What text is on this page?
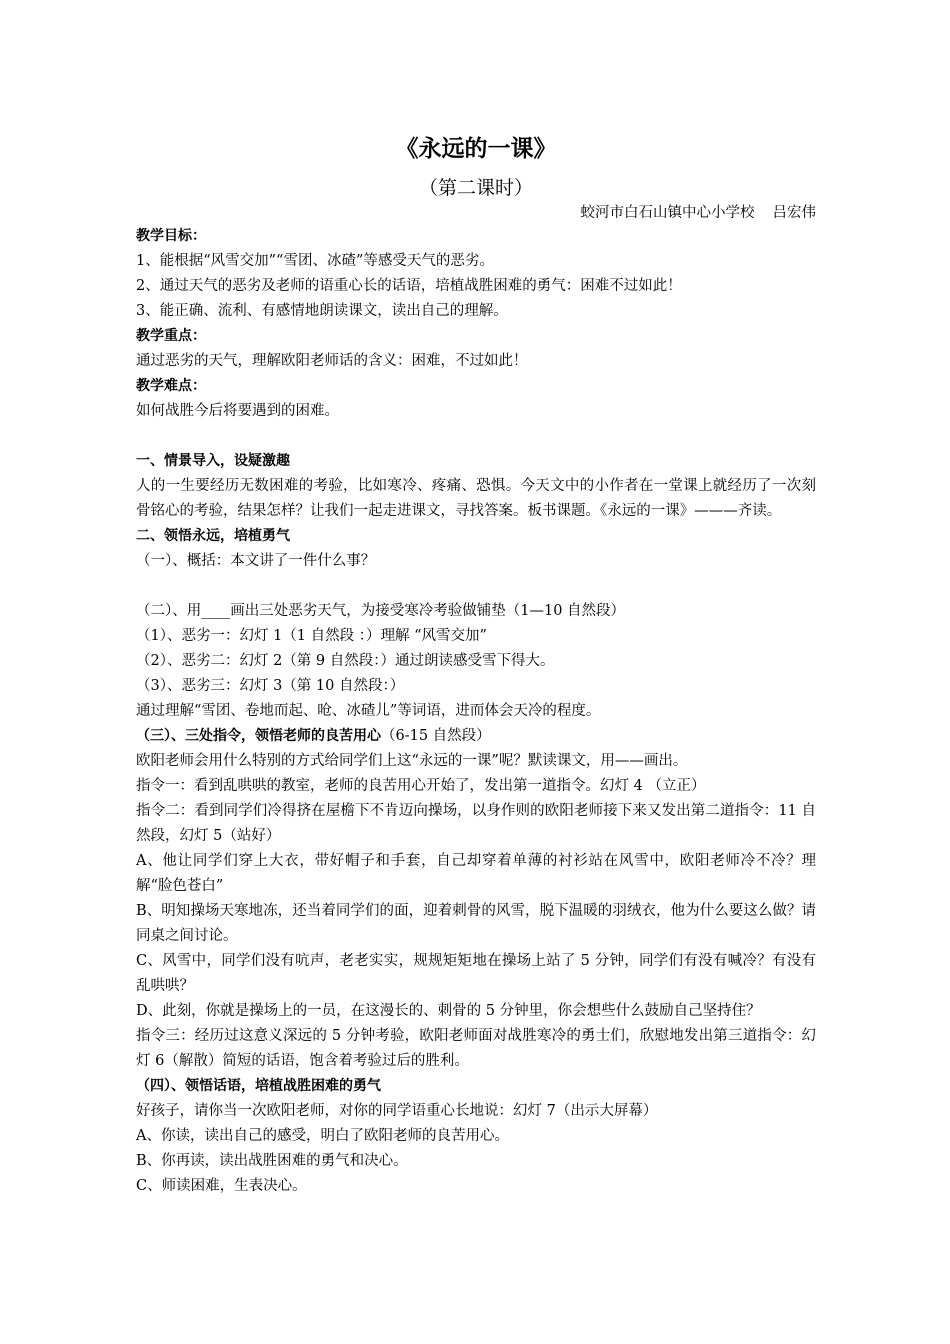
《永远的一课》
（第二课时）
蛟河市白石山镇中心小学校 吕宏伟

教学目标：

1、能根据“风雪交加”“雪团、冰碴”等感受天气的恶劣。

2、通过天气的恶劣及老师的语重心长的话语，培植战胜困难的勇气：困难不过如此！

3、能正确、流利、有感情地朗读课文，读出自己的理解。

教学重点：

通过恶劣的天气，理解欧阳老师话的含义：困难，不过如此！

教学难点：

如何战胜今后将要遇到的困难。

一、情景导入，设疑激趣

人的一生要经历无数困难的考验，比如寒冷、疼痛、恐惧。今天文中的小作者在一堂课上就经历了一次刻骨铭心的考验，结果怎样？让我们一起走进课文，寻找答案。板书课题。《永远的一课》———齐读。

二、领悟永远，培植勇气

（一）、概括：本文讲了一件什么事？

（二）、用____画出三处恶劣天气，为接受寒冷考验做铺垫（1—10 自然段）

（1）、恶劣一：幻灯 1（1 自然段 ：）理解 “风雪交加”

（2）、恶劣二：幻灯 2（第 9 自然段：）通过朗读感受雪下得大。

（3）、恶劣三：幻灯 3（第 10 自然段：）

通过理解“雪团、卷地而起、呛、冰碴儿”等词语，进而体会天冷的程度。

（三）、三处指令，领悟老师的良苦用心（6-15 自然段）

欧阳老师会用什么特别的方式给同学们上这“永远的一课”呢？默读课文，用——画出。

指令一：看到乱哄哄的教室，老师的良苦用心开始了，发出第一道指令。幻灯 4 （立正）

指令二：看到同学们冷得挤在屋檐下不肯迈向操场，以身作则的欧阳老师接下来又发出第二道指令：11 自然段，幻灯 5（站好）

A、他让同学们穿上大衣，带好帽子和手套，自己却穿着单薄的衬衫站在风雪中，欧阳老师冷不冷？理解“脸色苍白”

B、明知操场天寒地冻，还当着同学们的面，迎着刺骨的风雪，脱下温暖的羽绒衣，他为什么要这么做？请同桌之间讨论。

C、风雪中，同学们没有吭声，老老实实，规规矩矩地在操场上站了 5 分钟，同学们有没有喊冷？有没有乱哄哄？

D、此刻，你就是操场上的一员，在这漫长的、刺骨的 5 分钟里，你会想些什么鼓励自己坚持住？

指令三：经历过这意义深远的 5 分钟考验，欧阳老师面对战胜寒冷的勇士们，欣慰地发出第三道指令：幻灯 6（解散）简短的话语，饱含着考验过后的胜利。

（四）、领悟话语，培植战胜困难的勇气

好孩子，请你当一次欧阳老师，对你的同学语重心长地说：幻灯 7（出示大屏幕）

A、你读，读出自己的感受，明白了欧阳老师的良苦用心。

B、你再读，读出战胜困难的勇气和决心。

C、师读困难，生表决心。
